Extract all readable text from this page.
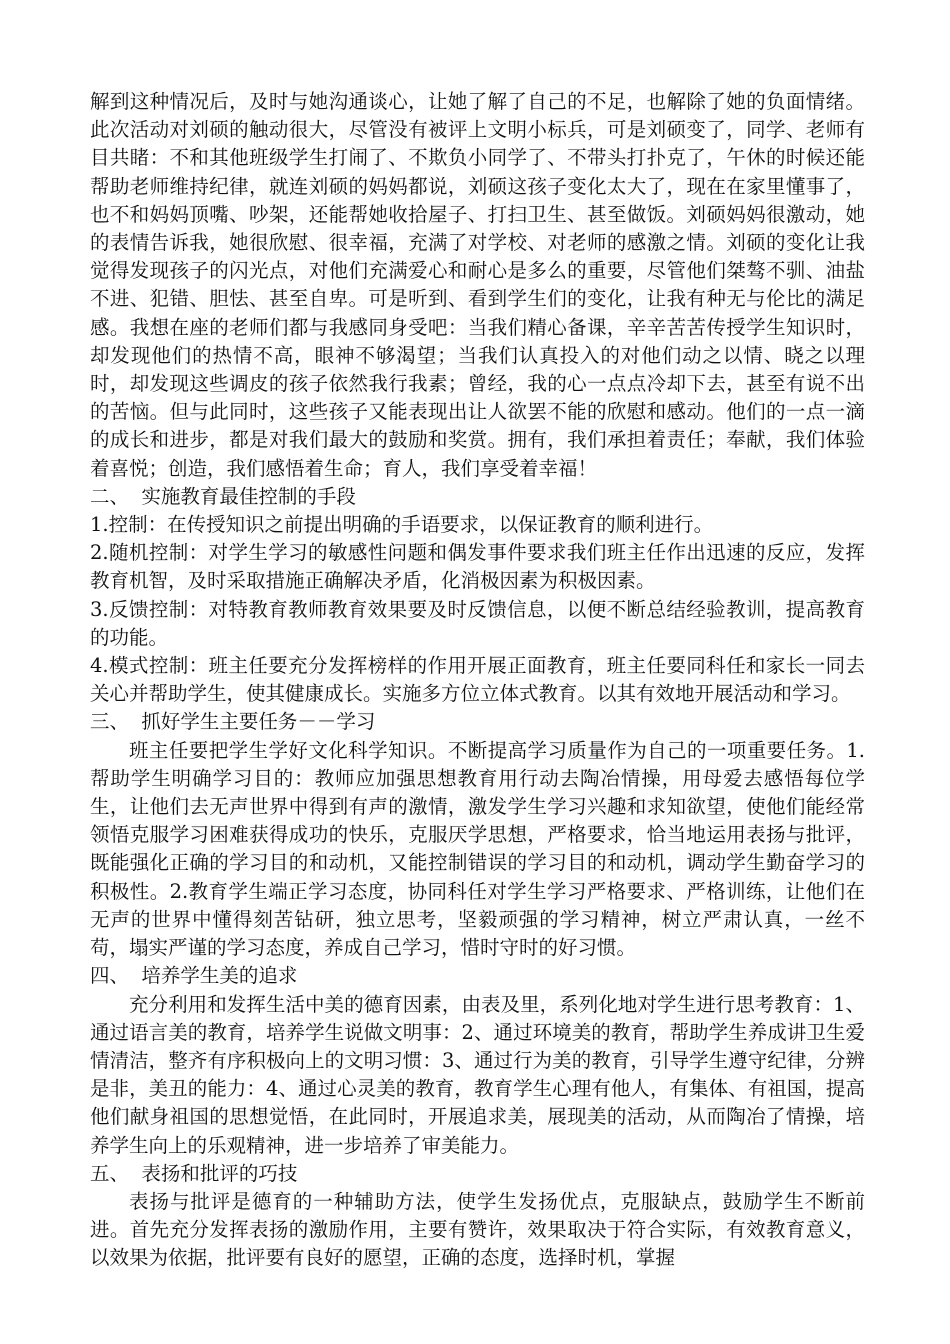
解到这种情况后，及时与她沟通谈心，让她了解了自己的不足，也解除了她的负面情绪。此次活动对刘硕的触动很大，尽管没有被评上文明小标兵，可是刘硕变了，同学、老师有目共睹：不和其他班级学生打闹了、不欺负小同学了、不带头打扑克了，午休的时候还能帮助老师维持纪律，就连刘硕的妈妈都说，刘硕这孩子变化太大了，现在在家里懂事了，也不和妈妈顶嘴、吵架，还能帮她收拾屋子、打扫卫生、甚至做饭。刘硕妈妈很激动，她的表情告诉我，她很欣慰、很幸福，充满了对学校、对老师的感激之情。刘硕的变化让我觉得发现孩子的闪光点，对他们充满爱心和耐心是多么的重要，尽管他们桀骜不驯、油盐不进、犯错、胆怯、甚至自卑。可是听到、看到学生们的变化，让我有种无与伦比的满足感。我想在座的老师们都与我感同身受吧：当我们精心备课，辛辛苦苦传授学生知识时，却发现他们的热情不高，眼神不够渴望；当我们认真投入的对他们动之以情、晓之以理时，却发现这些调皮的孩子依然我行我素；曾经，我的心一点点冷却下去，甚至有说不出的苦恼。但与此同时，这些孩子又能表现出让人欲罢不能的欣慰和感动。他们的一点一滴的成长和进步，都是对我们最大的鼓励和奖赏。拥有，我们承担着责任；奉献，我们体验着喜悦；创造，我们感悟着生命；育人，我们享受着幸福！

二、  实施教育最佳控制的手段

1.控制：在传授知识之前提出明确的手语要求，以保证教育的顺利进行。

2.随机控制：对学生学习的敏感性问题和偶发事件要求我们班主任作出迅速的反应，发挥教育机智，及时采取措施正确解决矛盾，化消极因素为积极因素。

3.反馈控制：对特教育教师教育效果要及时反馈信息，以便不断总结经验教训，提高教育的功能。

4.模式控制：班主任要充分发挥榜样的作用开展正面教育，班主任要同科任和家长一同去关心并帮助学生，使其健康成长。实施多方位立体式教育。以其有效地开展活动和学习。

三、  抓好学生主要任务－－学习

班主任要把学生学好文化科学知识。不断提高学习质量作为自己的一项重要任务。1.帮助学生明确学习目的：教师应加强思想教育用行动去陶冶情操，用母爱去感悟每位学生，让他们去无声世界中得到有声的激情，激发学生学习兴趣和求知欲望，使他们能经常领悟克服学习困难获得成功的快乐，克服厌学思想，严格要求，恰当地运用表扬与批评，既能强化正确的学习目的和动机，又能控制错误的学习目的和动机，调动学生勤奋学习的积极性。2.教育学生端正学习态度，协同科任对学生学习严格要求、严格训练，让他们在无声的世界中懂得刻苦钻研，独立思考，坚毅顽强的学习精神，树立严肃认真，一丝不苟，塌实严谨的学习态度，养成自己学习，惜时守时的好习惯。

四、  培养学生美的追求

充分利用和发挥生活中美的德育因素，由表及里，系列化地对学生进行思考教育：1、通过语言美的教育，培养学生说做文明事：2、通过环境美的教育，帮助学生养成讲卫生爱情清洁，整齐有序积极向上的文明习惯：3、通过行为美的教育，引导学生遵守纪律，分辨是非，美丑的能力：4、通过心灵美的教育，教育学生心理有他人，有集体、有祖国，提高他们献身祖国的思想觉悟，在此同时，开展追求美，展现美的活动，从而陶冶了情操，培养学生向上的乐观精神，进一步培养了审美能力。

五、  表扬和批评的巧技

表扬与批评是德育的一种辅助方法，使学生发扬优点，克服缺点，鼓励学生不断前进。首先充分发挥表扬的激励作用，主要有赞许，效果取决于符合实际，有效教育意义，以效果为依据，批评要有良好的愿望，正确的态度，选择时机，掌握
